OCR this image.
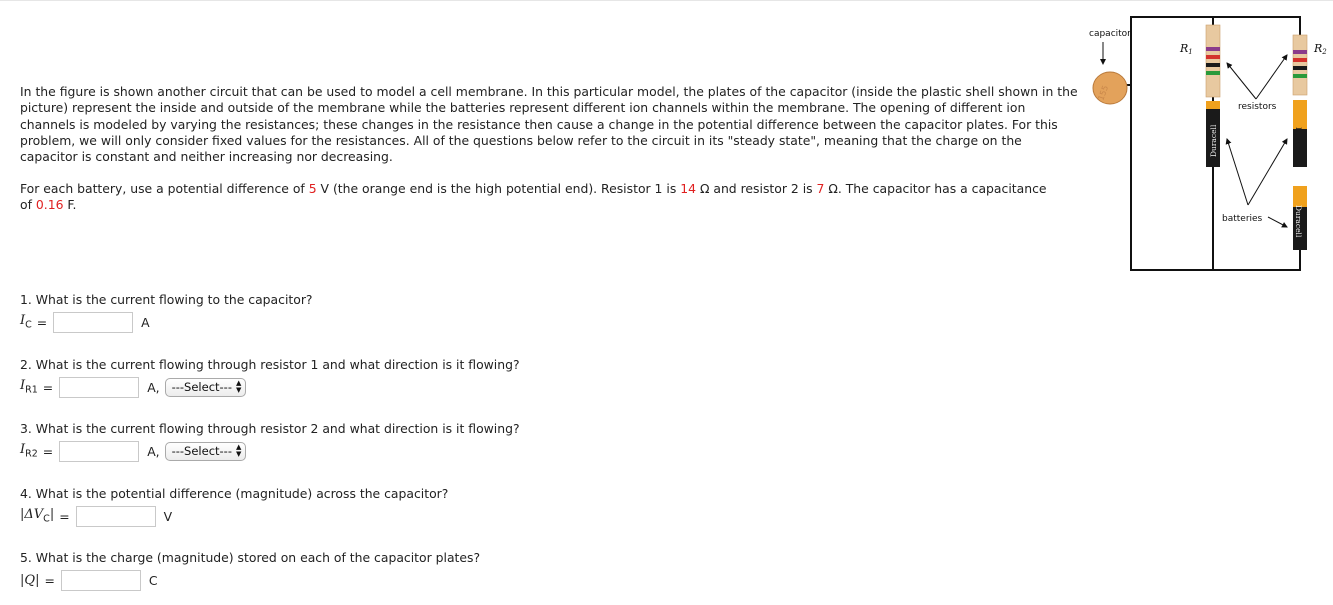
In the figure is shown another circuit that can be used to model a cell membrane. In this particular model, the plates of the capacitor (inside the plastic shell shown in the picture) represent the inside and outside of the membrane while the batteries represent different ion channels within the membrane. The opening of different ion channels is modeled by varying the resistances; these changes in the resistance then cause a change in the potential difference between the capacitor plates. For this problem, we will only consider fixed values for the resistances. All of the questions below refer to the circuit in its "steady state", meaning that the charge on the capacitor is constant and neither increasing nor decreasing.

For each battery, use a potential difference of 5 V (the orange end is the high potential end). Resistor 1 is 14 Ω and resistor 2 is 7 Ω. The capacitor has a capacitance of 0.16 F.

1. What is the current flowing to the capacitor?

$I_C$ =	A

2. What is the current flowing through resistor 1 and what direction is it flowing?

$I_{R1}$ =	A, ---Select--- ▲
▼

3. What is the current flowing through resistor 2 and what direction is it flowing?

$I_{R2}$ =	A, ---Select--- ▲
▼

4. What is the potential difference (magnitude) across the capacitor?

$|\Delta V_C|$ =	V

5. What is the charge (magnitude) stored on each of the capacitor plates?

|Q| =	C
155
capacitor
R1	R2
Duracell	Duracell
Duracell
resistors
batteries
